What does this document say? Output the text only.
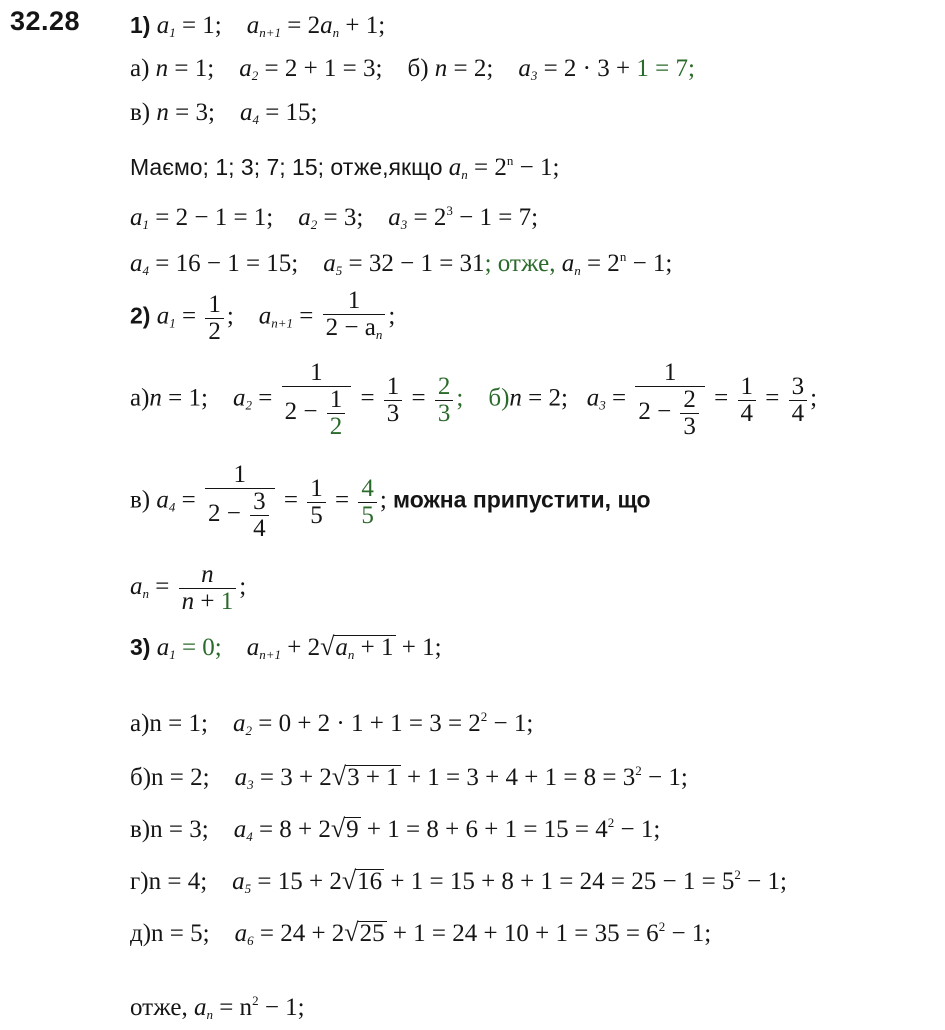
32.28 1) $a_1 = 1$; $a_{n+1} = 2a_n + 1$;
а) n = 1; $a_2 = 2 + 1 = 3$; б) n = 2; $a_3 = 2 \cdot 3 + 1 = 7$;
в) n = 3; $a_4 = 15$;
Маємо; 1; 3; 7; 15; отже,якщо $a_n = 2^n - 1$;
$a_1 = 2 - 1 = 1$; $a_2 = 3$; $a_3 = 2^3 - 1 = 7$;
$a_4 = 16 - 1 = 15$; $a_5 = 32 - 1 = 31$; отже, $a_n = 2^n - 1$;
2) $a_1 = \frac{1}{2}$ ;    $a_{n+1} = \frac{1}{2 - a_n}$ ;
а)n = 1; $a_2 = \frac{1}{2 - \frac{1}{2}} = \frac{1}{3} = \frac{2}{3}$ ; б)n = 2; $a_3 = \frac{1}{2 - \frac{2}{3}} = \frac{1}{4} = \frac{3}{4}$ ;
в) $a_4 = \frac{1}{2 - \frac{3}{4}} = \frac{1}{5} = \frac{4}{5}$ ; можна припустити, що
$a_n = \frac{n}{n + 1}$ ;
3) $a_1 = 0$; $a_{n+1} + 2√a_n + 1 + 1$;
а)n = 1; $a_2 = 0 + 2 \cdot 1 + 1 = 3 = 2^2 - 1$;
б)n = 2; $a_3 = 3 + 2√3 + 1 + 1 = 3 + 4 + 1 = 8 = 3^2 - 1$;
в)n = 3; $a_4 = 8 + 2√9 + 1 = 8 + 6 + 1 = 15 = 4^2 - 1$;
г)n = 4; $a_5 = 15 + 2√16 + 1 = 15 + 8 + 1 = 24 = 25 - 1 = 5^2 - 1$;
д)n = 5; $a_6 = 24 + 2√25 + 1 = 24 + 10 + 1 = 35 = 6^2 - 1$;
отже, $a_n = n^2 - 1$;
